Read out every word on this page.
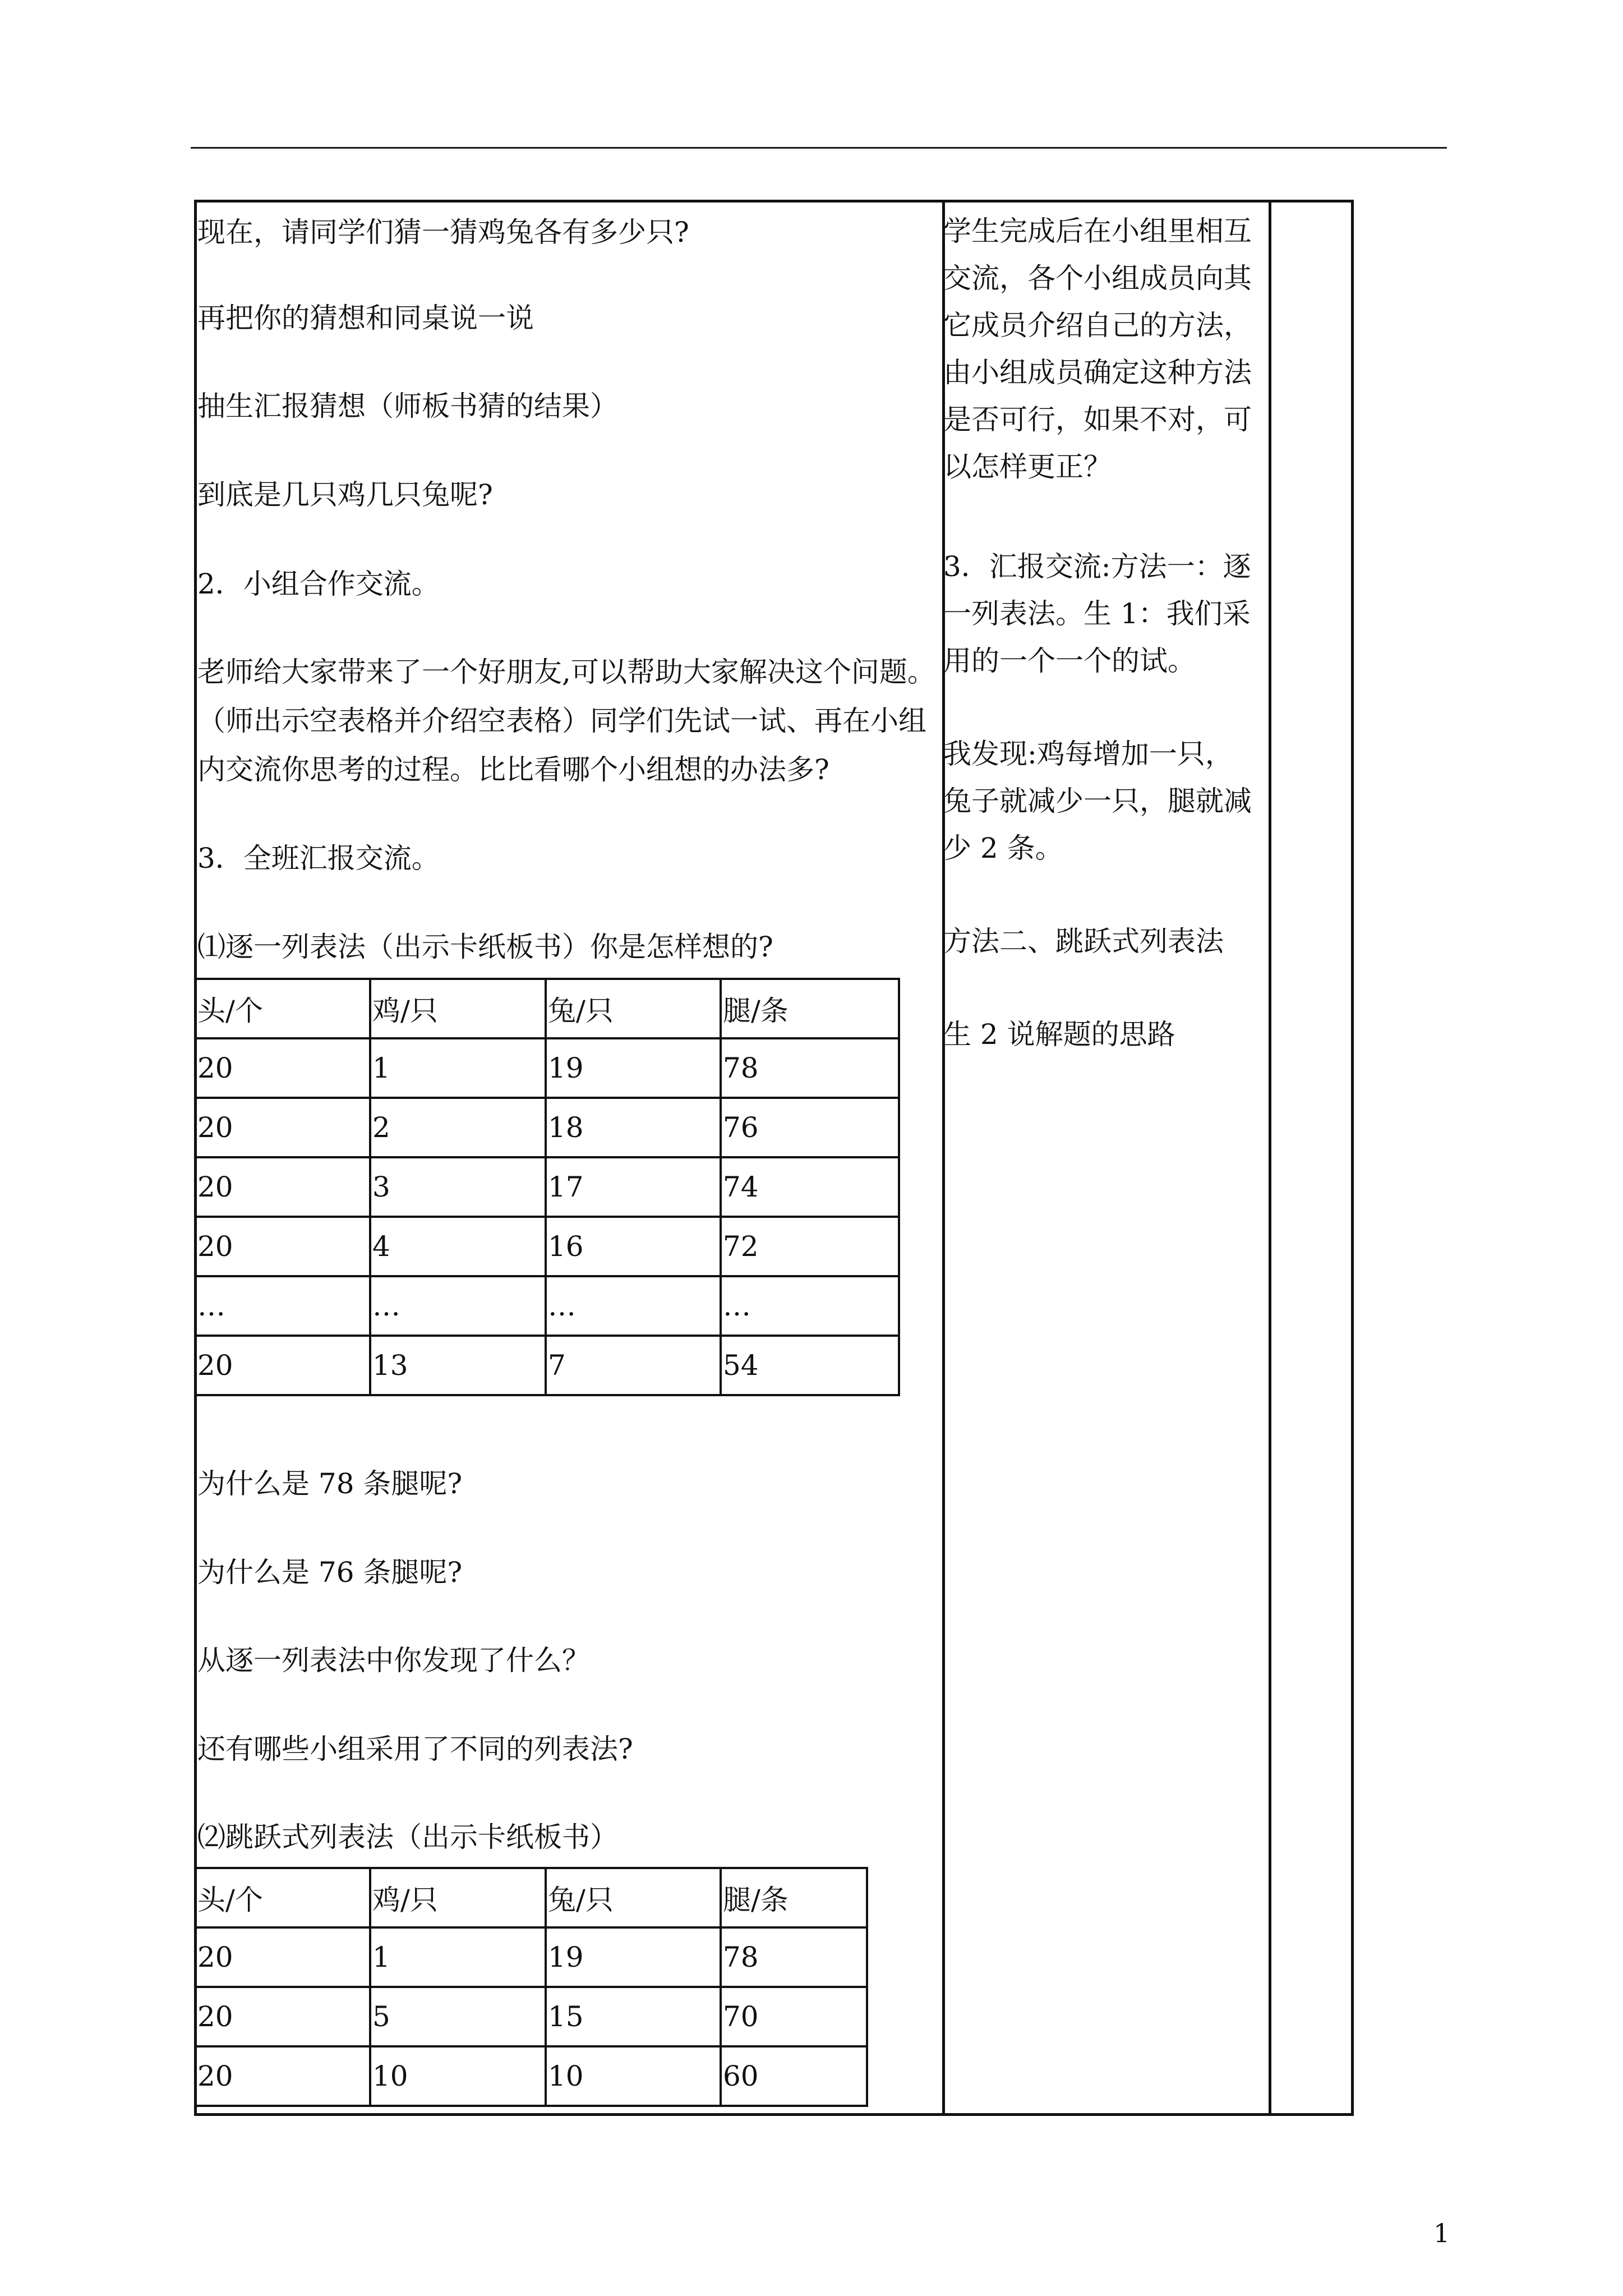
现在，请同学们猜一猜鸡兔各有多少只?
再把你的猜想和同桌说一说
抽生汇报猜想（师板书猜的结果）
到底是几只鸡几只兔呢?
2．小组合作交流。
老师给大家带来了一个好朋友,可以帮助大家解决这个问题。
（师出示空表格并介绍空表格）同学们先试一试、再在小组
内交流你思考的过程。比比看哪个小组想的办法多?
3．全班汇报交流。
⑴逐一列表法（出示卡纸板书）你是怎样想的?
头/个	鸡/只	兔/只	腿/条
20	1	19	78
20	2	18	76
20	3	17	74
20	4	16	72
…	…	…	…
20	13	7	54
为什么是 78 条腿呢?
为什么是 76 条腿呢?
从逐一列表法中你发现了什么？
还有哪些小组采用了不同的列表法?
⑵跳跃式列表法（出示卡纸板书）
头/个	鸡/只	兔/只	腿/条
20	1	19	78
20	5	15	70
20	10	10	60
学生完成后在小组里相互交流，各个小组成员向其它成员介绍自己的方法，由小组成员确定这种方法是否可行，如果不对，可以怎样更正？
3．汇报交流:方法一：逐一列表法。生 1：我们采用的一个一个的试。
我发现:鸡每增加一只，兔子就减少一只，腿就减少 2 条。
方法二、跳跃式列表法
生 2 说解题的思路
1
